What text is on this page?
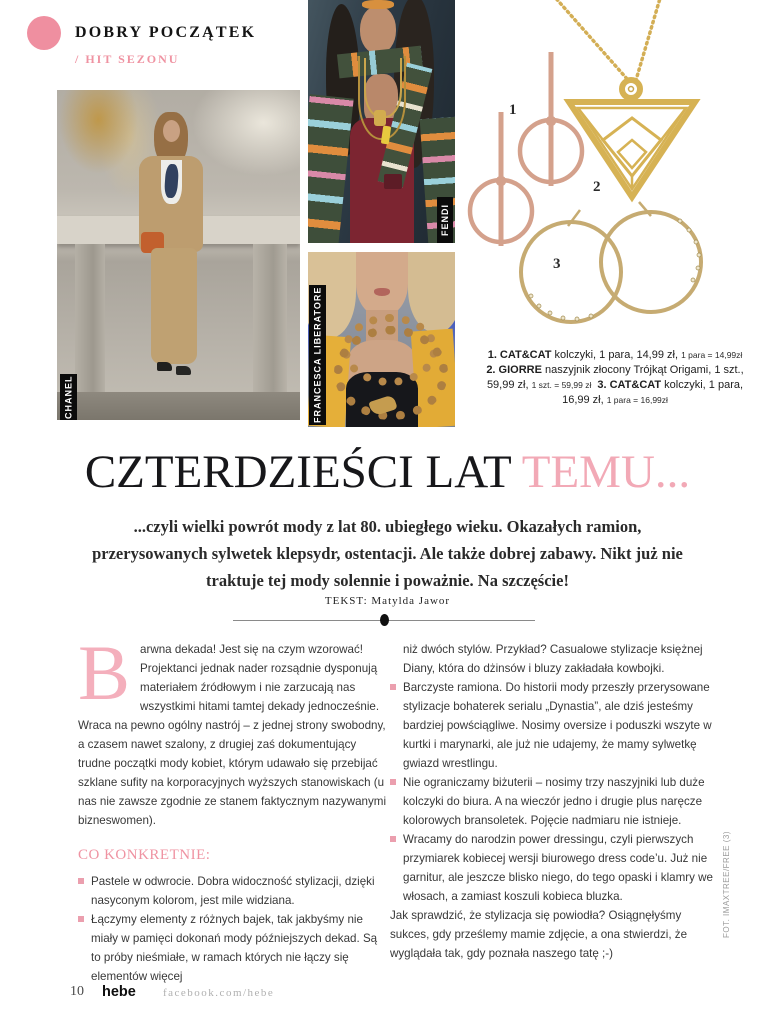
DOBRY POCZĄTEK
/ HIT SEZONU
CHANEL
FENDI
FRANCESCA LIBERATORE
1
2
3
1. CAT&CAT kolczyki, 1 para, 14,99 zł, 1 para = 14,99zł
2. GIORRE naszyjnik złocony Trójkąt Origami, 1 szt.,
59,99 zł, 1 szt. = 59,99 zł 3. CAT&CAT kolczyki, 1 para,
16,99 zł, 1 para = 16,99zł
CZTERDZIEŚCI LAT TEMU...
...czyli wielki powrót mody z lat 80. ubiegłego wieku. Okazałych ramion, przerysowanych sylwetek klepsydr, ostentacji. Ale także dobrej zabawy. Nikt już nie traktuje tej mody solennie i poważnie. Na szczęście!
TEKST: Matylda Jawor

Barwna dekada! Jest się na czym wzorować! Projektanci jednak nader rozsądnie dysponują materiałem źródłowym i nie zarzucają nas wszystkimi hitami tamtej dekady jednocześnie. Wraca na pewno ogólny nastrój – z jednej strony swobodny, a czasem nawet szalony, z drugiej zaś dokumentujący trudne początki mody kobiet, którym udawało się przebijać szklane sufity na korporacyjnych wyższych stanowiskach (u nas nie zawsze zgodnie ze stanem faktycznym nazywanymi bizneswomen).

CO KONKRETNIE:
Pastele w odwrocie. Dobra widoczność stylizacji, dzięki nasyconym kolorom, jest mile widziana.
Łączymy elementy z różnych bajek, tak jakbyśmy nie miały w pamięci dokonań mody późniejszych dekad. Są to próby nieśmiałe, w ramach których nie łączy się elementów więcej

niż dwóch stylów. Przykład? Casualowe stylizacje księżnej Diany, która do dżinsów i bluzy zakładała kowbojki.

Barczyste ramiona. Do historii mody przeszły przerysowane stylizacje bohaterek serialu „Dynastia”, ale dziś jesteśmy bardziej powściągliwe. Nosimy oversize i poduszki wszyte w kurtki i marynarki, ale już nie udajemy, że mamy sylwetkę gwiazd wrestlingu.
Nie ograniczamy biżuterii – nosimy trzy naszyjniki lub duże kolczyki do biura. A na wieczór jedno i drugie plus naręcze kolorowych bransoletek. Pojęcie nadmiaru nie istnieje.
Wracamy do narodzin power dressingu, czyli pierwszych przymiarek kobiecej wersji biurowego dress code’u. Już nie garnitur, ale jeszcze blisko niego, do tego opaski i klamry we włosach, a zamiast koszuli kobieca bluzka.

Jak sprawdzić, że stylizacja się powiodła? Osiągnęłyśmy sukces, gdy prześlemy mamie zdjęcie, a ona stwierdzi, że wyglądała tak, gdy poznała naszego tatę ;-)

FOT. IMAXTREE/FREE (3)
10 hebe facebook.com/hebe
